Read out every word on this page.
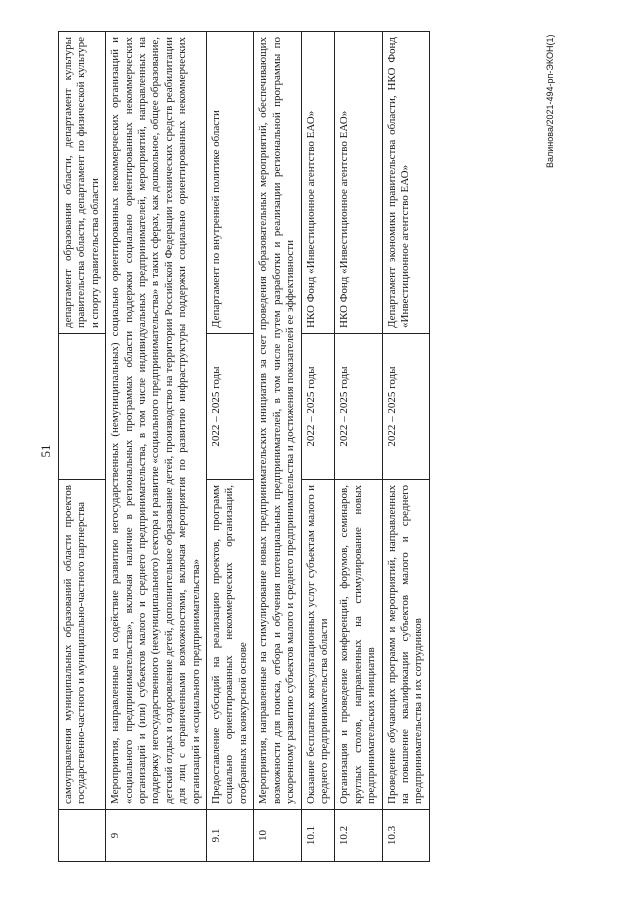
51
Валинова/2021-494-рп-ЭКОН(1)
	самоуправления муниципальных образований области проектов государственно-частного и муниципально-частного партнерства		департамент образования области, департамент культуры правительства области, департамент по физической культуре и спорту правительства области
9	Мероприятия, направленные на содействие развитию негосударственных (немуниципальных) социально ориентированных некоммерческих организаций и «социального предпринимательства», включая наличие в региональных программах области поддержки социально ориентированных некоммерческих организаций и (или) субъектов малого и среднего предпринимательства, в том числе индивидуальных предпринимателей, мероприятий, направленных на поддержку негосударственного (немуниципального) сектора и развитие «социального предпринимательства» в таких сферах, как дошкольное, общее образование, детский отдых и оздоровление детей, дополнительное образование детей, производство на территории Российской Федерации технических средств реабилитации для лиц с ограниченными возможностями, включая мероприятия по развитию инфраструктуры поддержки социально ориентированных некоммерческих организаций и «социального предпринимательства»		
9.1	Предоставление субсидий на реализацию проектов, программ социально ориентированных некоммерческих организаций, отобранных на конкурсной основе	2022 – 2025 годы	Департамент по внутренней политике области
10	Мероприятия, направленные на стимулирование новых предпринимательских инициатив за счет проведения образовательных мероприятий, обеспечивающих возможности для поиска, отбора и обучения потенциальных предпринимателей, в том числе путем разработки и реализации региональной программы по ускоренному развитию субъектов малого и среднего предпринимательства и достижения показателей ее эффективности		
10.1	Оказание бесплатных консультационных услуг субъектам малого и среднего предпринимательства области	2022 – 2025 годы	НКО Фонд «Инвестиционное агентство ЕАО»
10.2	Организация и проведение конференций, форумов, семинаров, круглых столов, направленных на стимулирование новых предпринимательских инициатив	2022 – 2025 годы	НКО Фонд «Инвестиционное агентство ЕАО»
10.3	Проведение обучающих программ и мероприятий, направленных на повышение квалификации субъектов малого и среднего предпринимательства и их сотрудников	2022 – 2025 годы	Департамент экономики правительства области, НКО Фонд «Инвестиционное агентство ЕАО»
